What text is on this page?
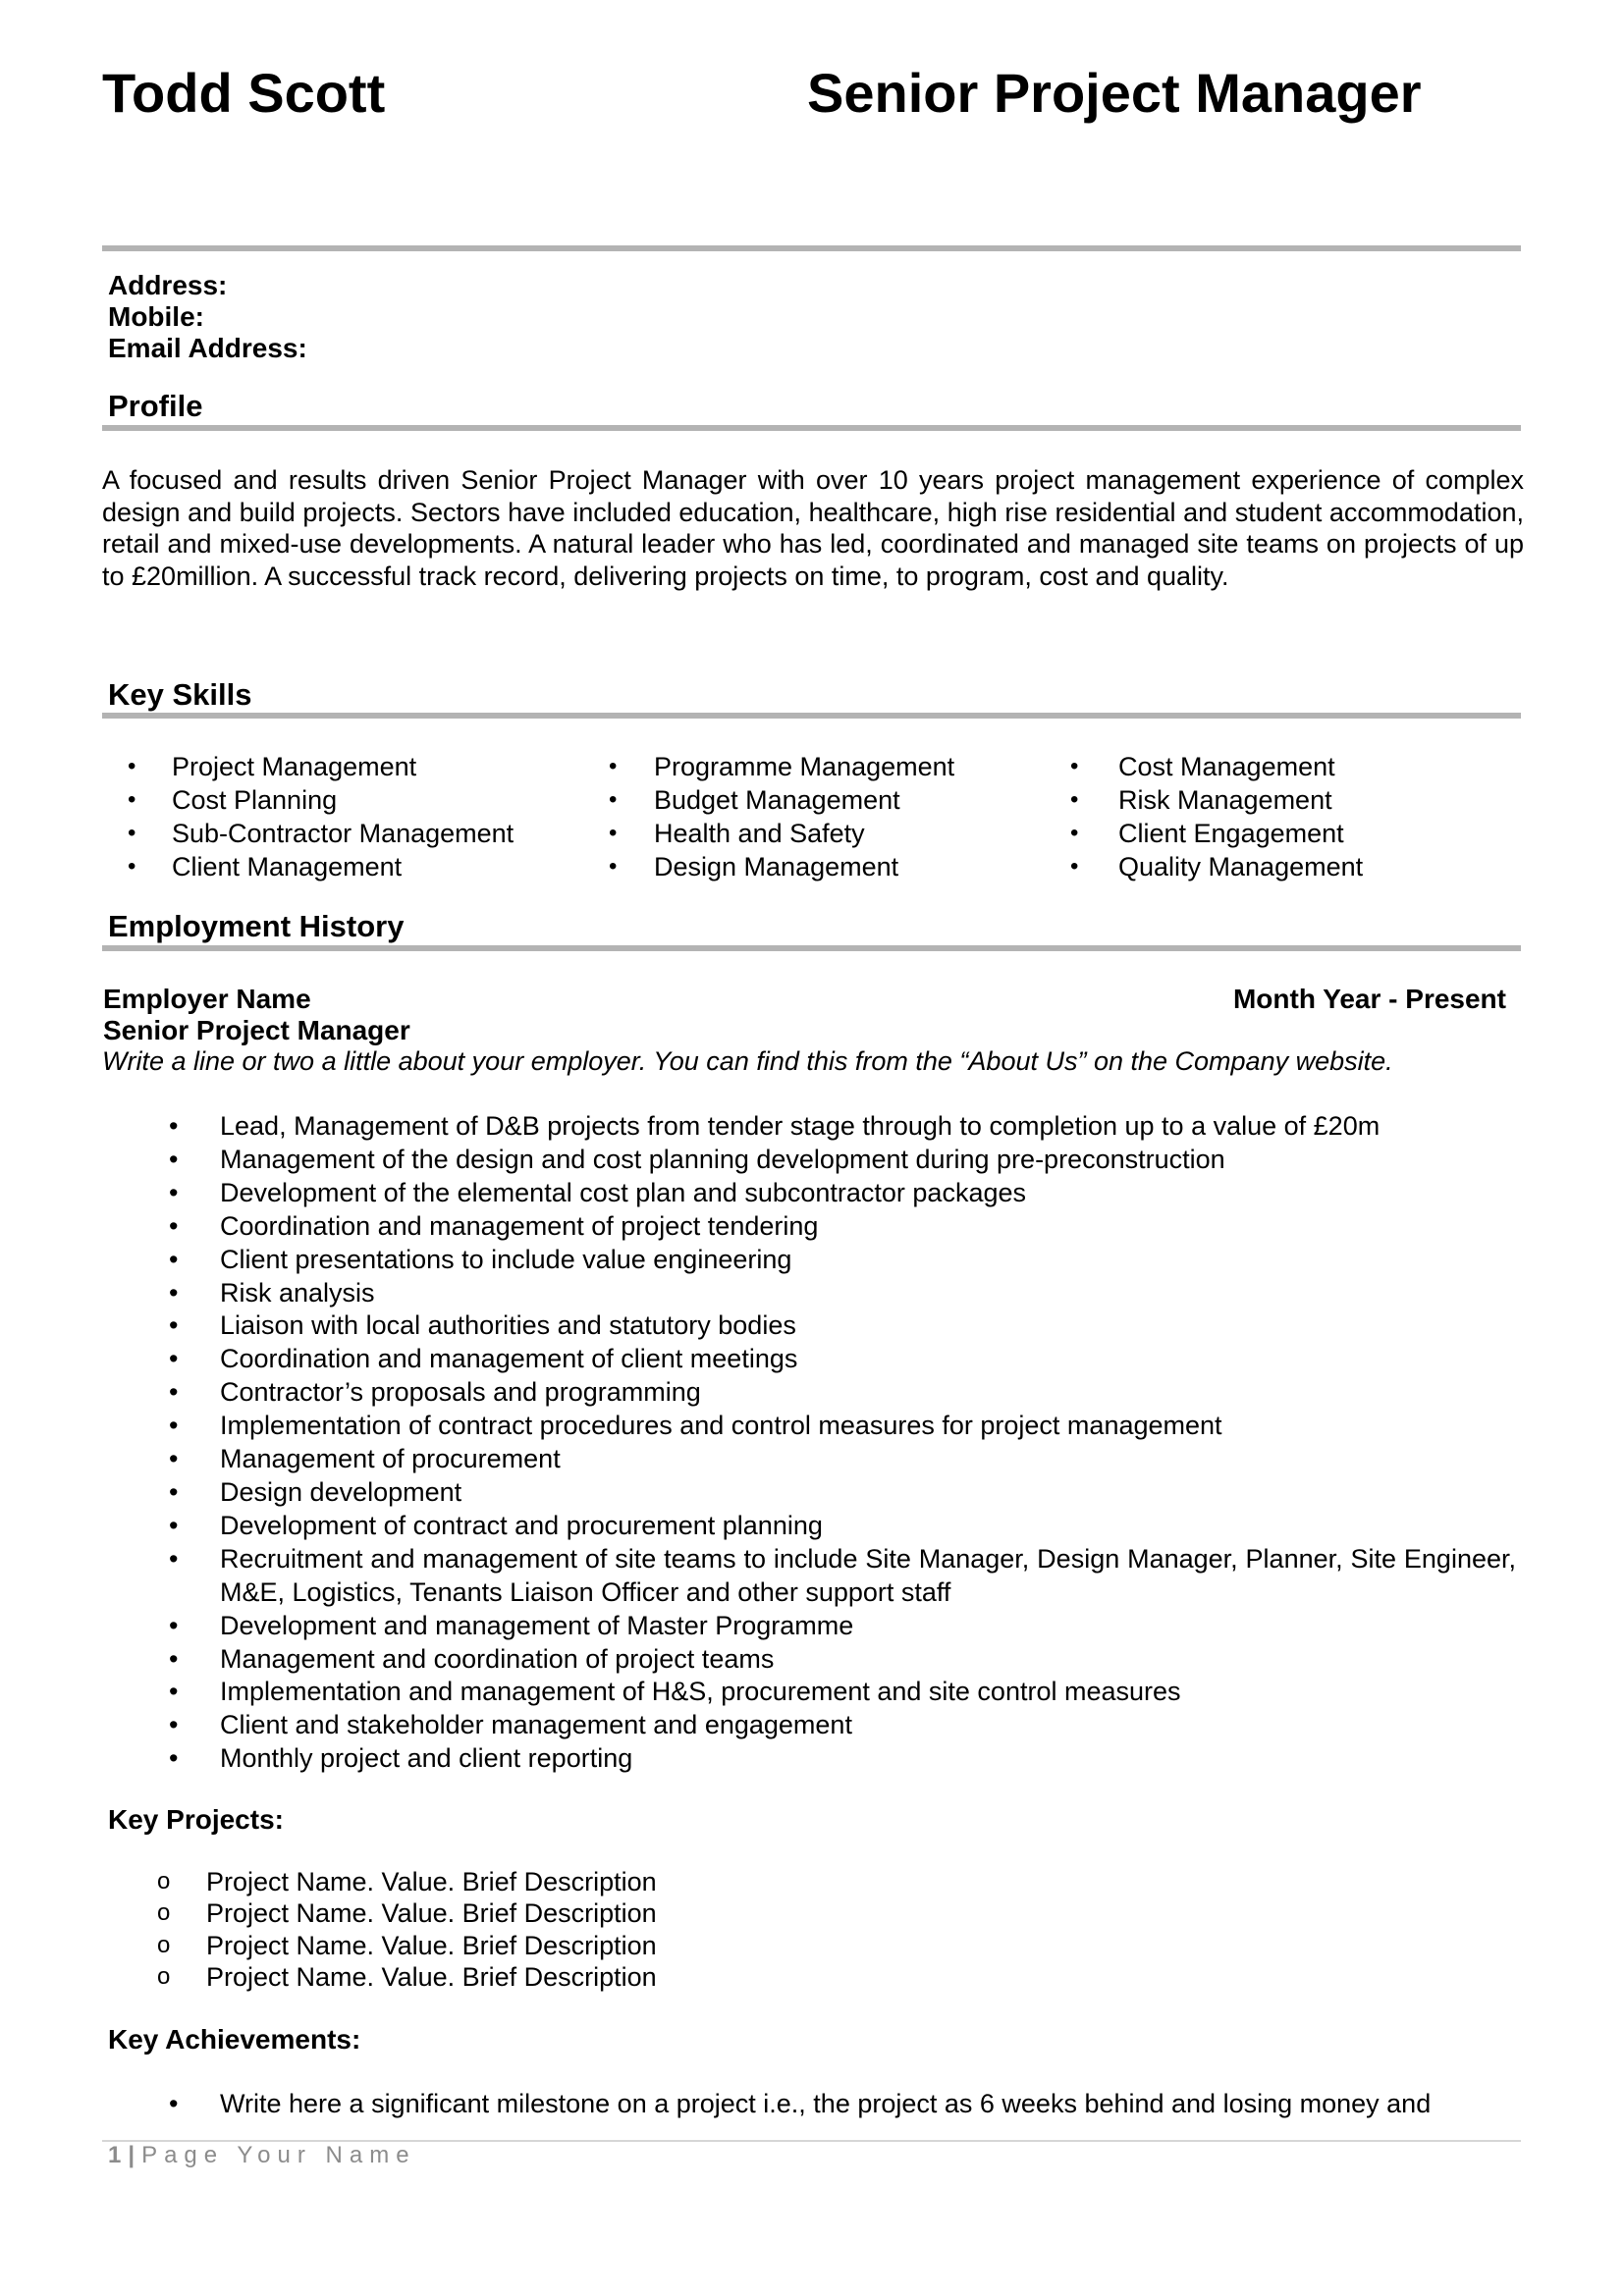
Todd Scott	Senior Project Manager
Address:
Mobile:
Email Address:
Profile
A focused and results driven Senior Project Manager with over 10 years project management experience of complex design and build projects. Sectors have included education, healthcare, high rise residential and student accommodation, retail and mixed-use developments. A natural leader who has led, coordinated and managed site teams on projects of up to £20million. A successful track record, delivering projects on time, to program, cost and quality.
Key Skills
• Project Management
• Cost Planning
• Sub-Contractor Management
• Client Management
• Programme Management
• Budget Management
• Health and Safety
• Design Management
• Cost Management
• Risk Management
• Client Engagement
• Quality Management
Employment History
Employer Name	Month Year - Present
Senior Project Manager
Write a line or two a little about your employer. You can find this from the “About Us” on the Company website.
• Lead, Management of D&B projects from tender stage through to completion up to a value of £20m
• Management of the design and cost planning development during pre-preconstruction
• Development of the elemental cost plan and subcontractor packages
• Coordination and management of project tendering
• Client presentations to include value engineering
• Risk analysis
• Liaison with local authorities and statutory bodies
• Coordination and management of client meetings
• Contractor’s proposals and programming
• Implementation of contract procedures and control measures for project management
• Management of procurement
• Design development
• Development of contract and procurement planning
• Recruitment and management of site teams to include Site Manager, Design Manager, Planner, Site Engineer, M&E, Logistics, Tenants Liaison Officer and other support staff
• Development and management of Master Programme
• Management and coordination of project teams
• Implementation and management of H&S, procurement and site control measures
• Client and stakeholder management and engagement
• Monthly project and client reporting
Key Projects:
o Project Name. Value. Brief Description
o Project Name. Value. Brief Description
o Project Name. Value. Brief Description
o Project Name. Value. Brief Description
Key Achievements:
• Write here a significant milestone on a project i.e., the project as 6 weeks behind and losing money and
1|Page Your Name
